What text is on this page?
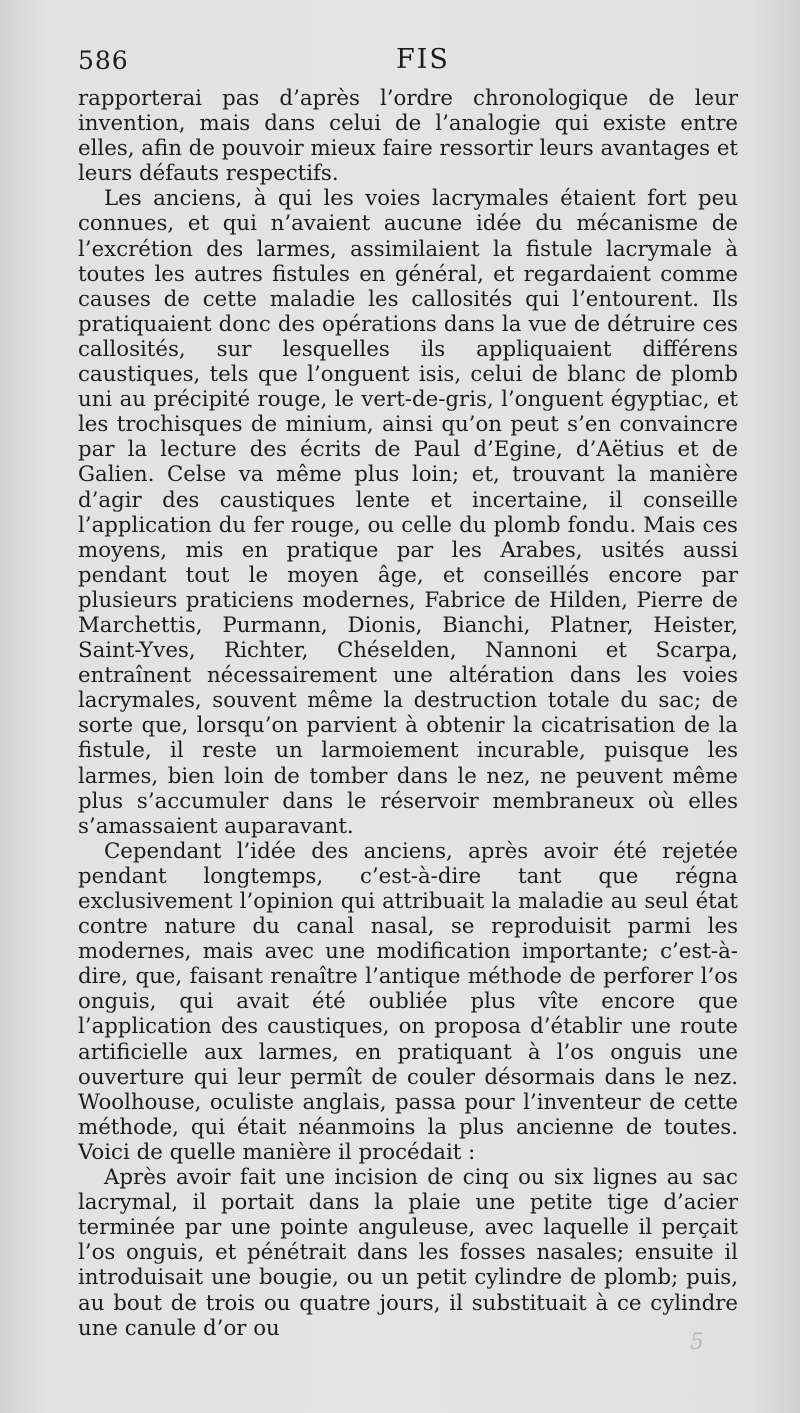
586	FIS

rapporterai pas d’après l’ordre chronologique de leur invention, mais dans celui de l’analogie qui existe entre elles, afin de pouvoir mieux faire ressortir leurs avantages et leurs défauts respectifs.

Les anciens, à qui les voies lacrymales étaient fort peu connues, et qui n’avaient aucune idée du mécanisme de l’excrétion des larmes, assimilaient la fistule lacrymale à toutes les autres fistules en général, et regardaient comme causes de cette maladie les callosités qui l’entourent. Ils pratiquaient donc des opérations dans la vue de détruire ces callosités, sur lesquelles ils appliquaient différens caustiques, tels que l’onguent isis, celui de blanc de plomb uni au précipité rouge, le vert-de-gris, l’onguent égyptiac, et les trochisques de minium, ainsi qu’on peut s’en convaincre par la lecture des écrits de Paul d’Egine, d’Aëtius et de Galien. Celse va même plus loin; et, trouvant la manière d’agir des caustiques lente et incertaine, il conseille l’application du fer rouge, ou celle du plomb fondu. Mais ces moyens, mis en pratique par les Arabes, usités aussi pendant tout le moyen âge, et conseillés encore par plusieurs praticiens modernes, Fabrice de Hilden, Pierre de Marchettis, Purmann, Dionis, Bianchi, Platner, Heister, Saint-Yves, Richter, Chéselden, Nannoni et Scarpa, entraînent nécessairement une altération dans les voies lacrymales, souvent même la destruction totale du sac; de sorte que, lorsqu’on parvient à obtenir la cicatrisation de la fistule, il reste un larmoiement incurable, puisque les larmes, bien loin de tomber dans le nez, ne peuvent même plus s’accumuler dans le réservoir membraneux où elles s’amassaient auparavant.

Cependant l’idée des anciens, après avoir été rejetée pendant longtemps, c’est-à-dire tant que régna exclusivement l’opinion qui attribuait la maladie au seul état contre nature du canal nasal, se reproduisit parmi les modernes, mais avec une modification importante; c’est-à-dire, que, faisant renaître l’antique méthode de perforer l’os onguis, qui avait été oubliée plus vîte encore que l’application des caustiques, on proposa d’établir une route artificielle aux larmes, en pratiquant à l’os onguis une ouverture qui leur permît de couler désormais dans le nez. Woolhouse, oculiste anglais, passa pour l’inventeur de cette méthode, qui était néanmoins la plus ancienne de toutes. Voici de quelle manière il procédait :

Après avoir fait une incision de cinq ou six lignes au sac lacrymal, il portait dans la plaie une petite tige d’acier terminée par une pointe anguleuse, avec laquelle il perçait l’os onguis, et pénétrait dans les fosses nasales; ensuite il introduisait une bougie, ou un petit cylindre de plomb; puis, au bout de trois ou quatre jours, il substituait à ce cylindre une canule d’or ou

5
